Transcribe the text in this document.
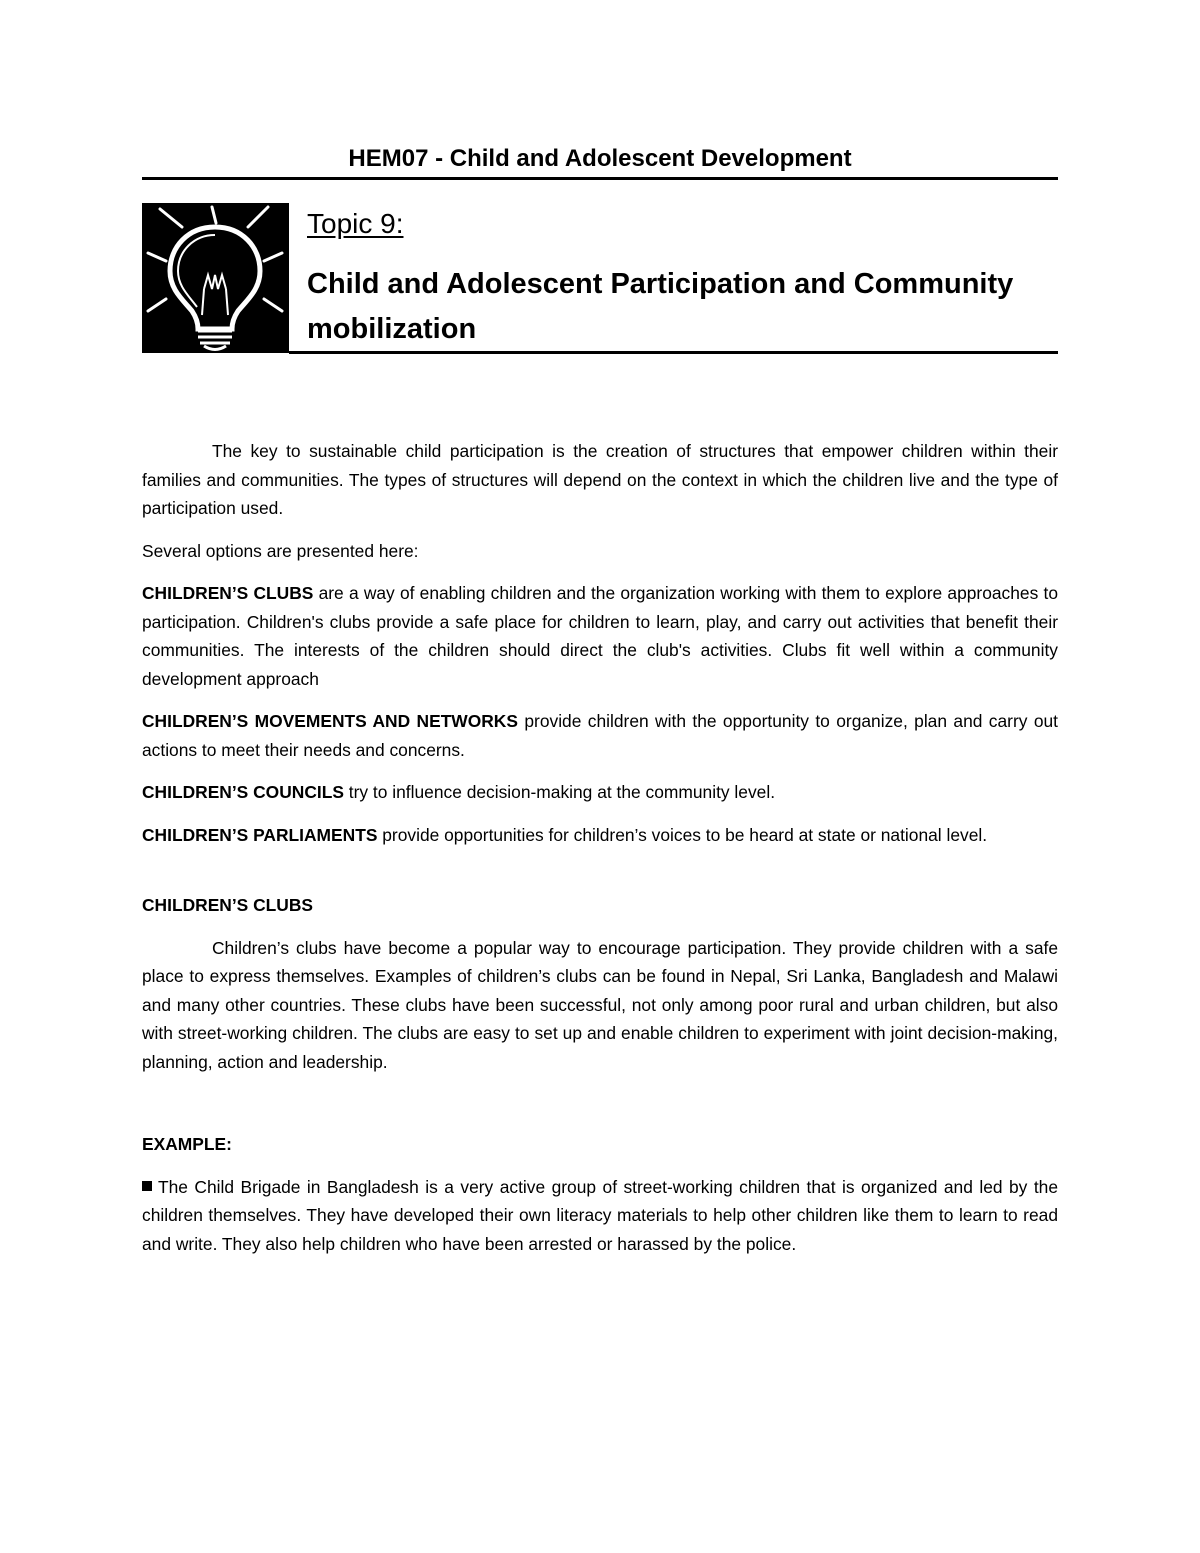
HEM07 - Child and Adolescent Development
Topic 9:
Child and Adolescent Participation and Community mobilization

The key to sustainable child participation is the creation of structures that empower children within their families and communities. The types of structures will depend on the context in which the children live and the type of participation used.

Several options are presented here:

CHILDREN’S CLUBS are a way of enabling children and the organization working with them to explore approaches to participation. Children's clubs provide a safe place for children to learn, play, and carry out activities that benefit their communities. The interests of the children should direct the club's activities. Clubs fit well within a community development approach

CHILDREN’S MOVEMENTS AND NETWORKS provide children with the opportunity to organize, plan and carry out actions to meet their needs and concerns.

CHILDREN’S COUNCILS try to influence decision-making at the community level.

CHILDREN’S PARLIAMENTS provide opportunities for children’s voices to be heard at state or national level.

CHILDREN’S CLUBS

Children’s clubs have become a popular way to encourage participation. They provide children with a safe place to express themselves. Examples of children’s clubs can be found in Nepal, Sri Lanka, Bangladesh and Malawi and many other countries. These clubs have been successful, not only among poor rural and urban children, but also with street-working children. The clubs are easy to set up and enable children to experiment with joint decision-making, planning, action and leadership.

EXAMPLE:

The Child Brigade in Bangladesh is a very active group of street-working children that is organized and led by the children themselves. They have developed their own literacy materials to help other children like them to learn to read and write. They also help children who have been arrested or harassed by the police.
